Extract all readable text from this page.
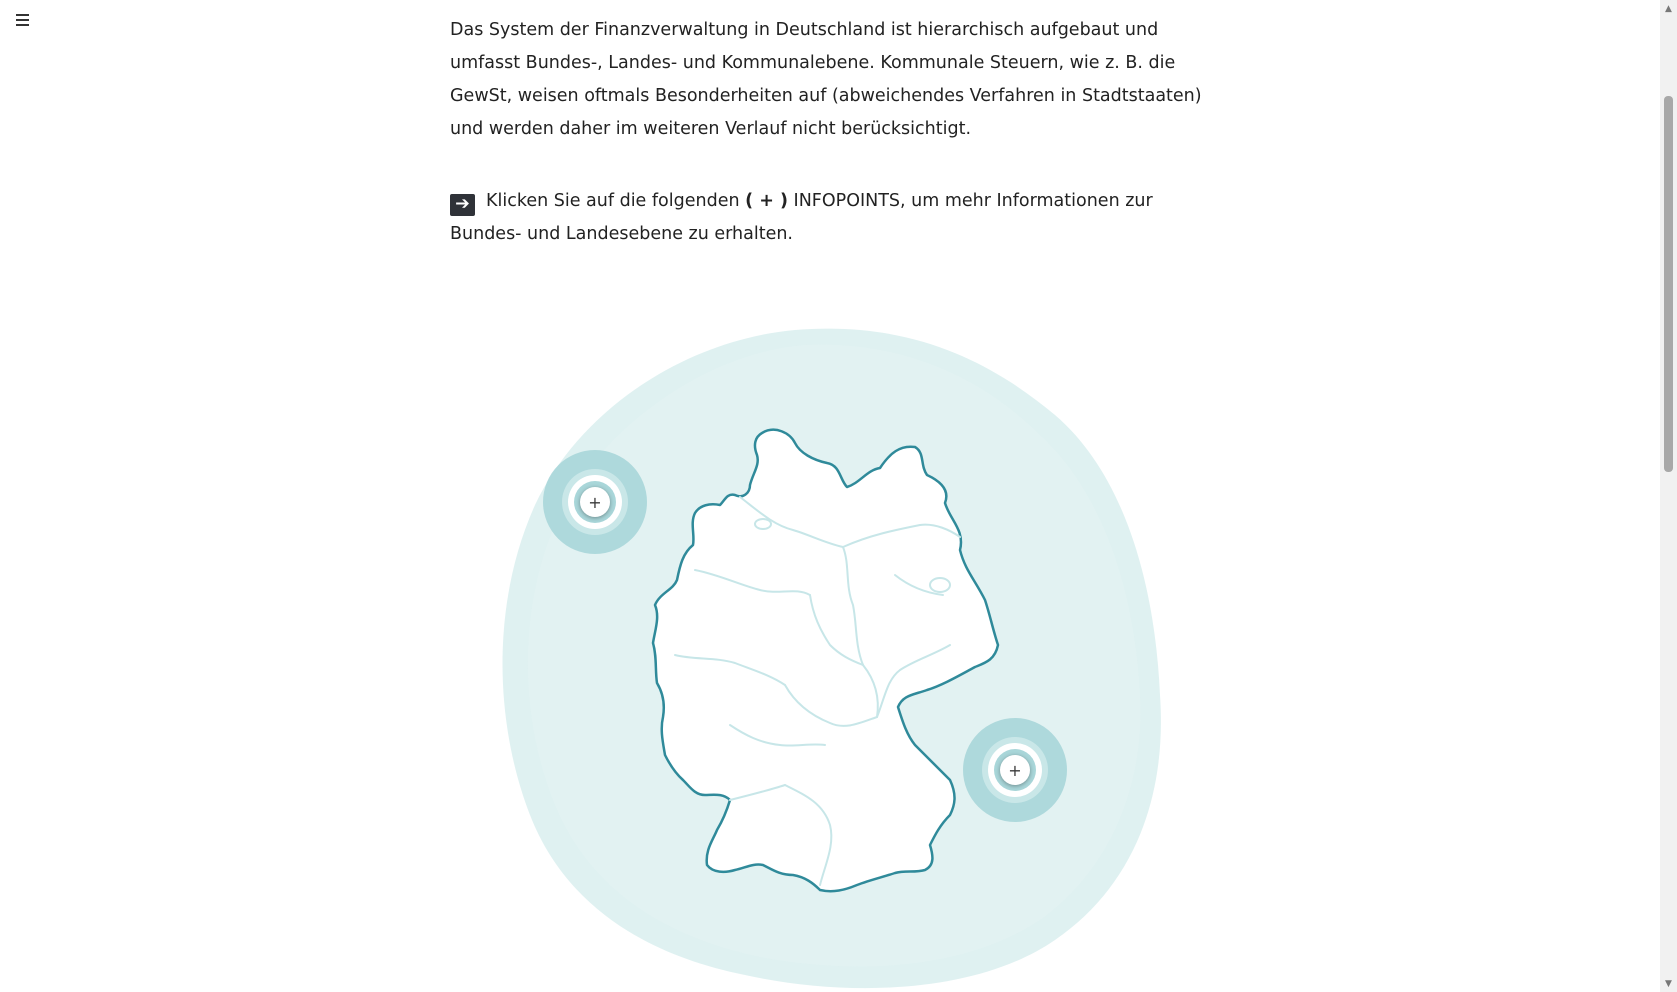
Das System der Finanzverwaltung in Deutschland ist hierarchisch aufgebaut und umfasst Bundes-, Landes- und Kommunalebene. Kommunale Steuern, wie z. B. die GewSt, weisen oftmals Besonderheiten auf (abweichendes Verfahren in Stadtstaaten) und werden daher im weiteren Verlauf nicht berücksichtigt.

➔ Klicken Sie auf die folgenden ( + ) INFOPOINTS, um mehr Informationen zur Bundes- und Landesebene zu erhalten.

+
+
▲
▼
